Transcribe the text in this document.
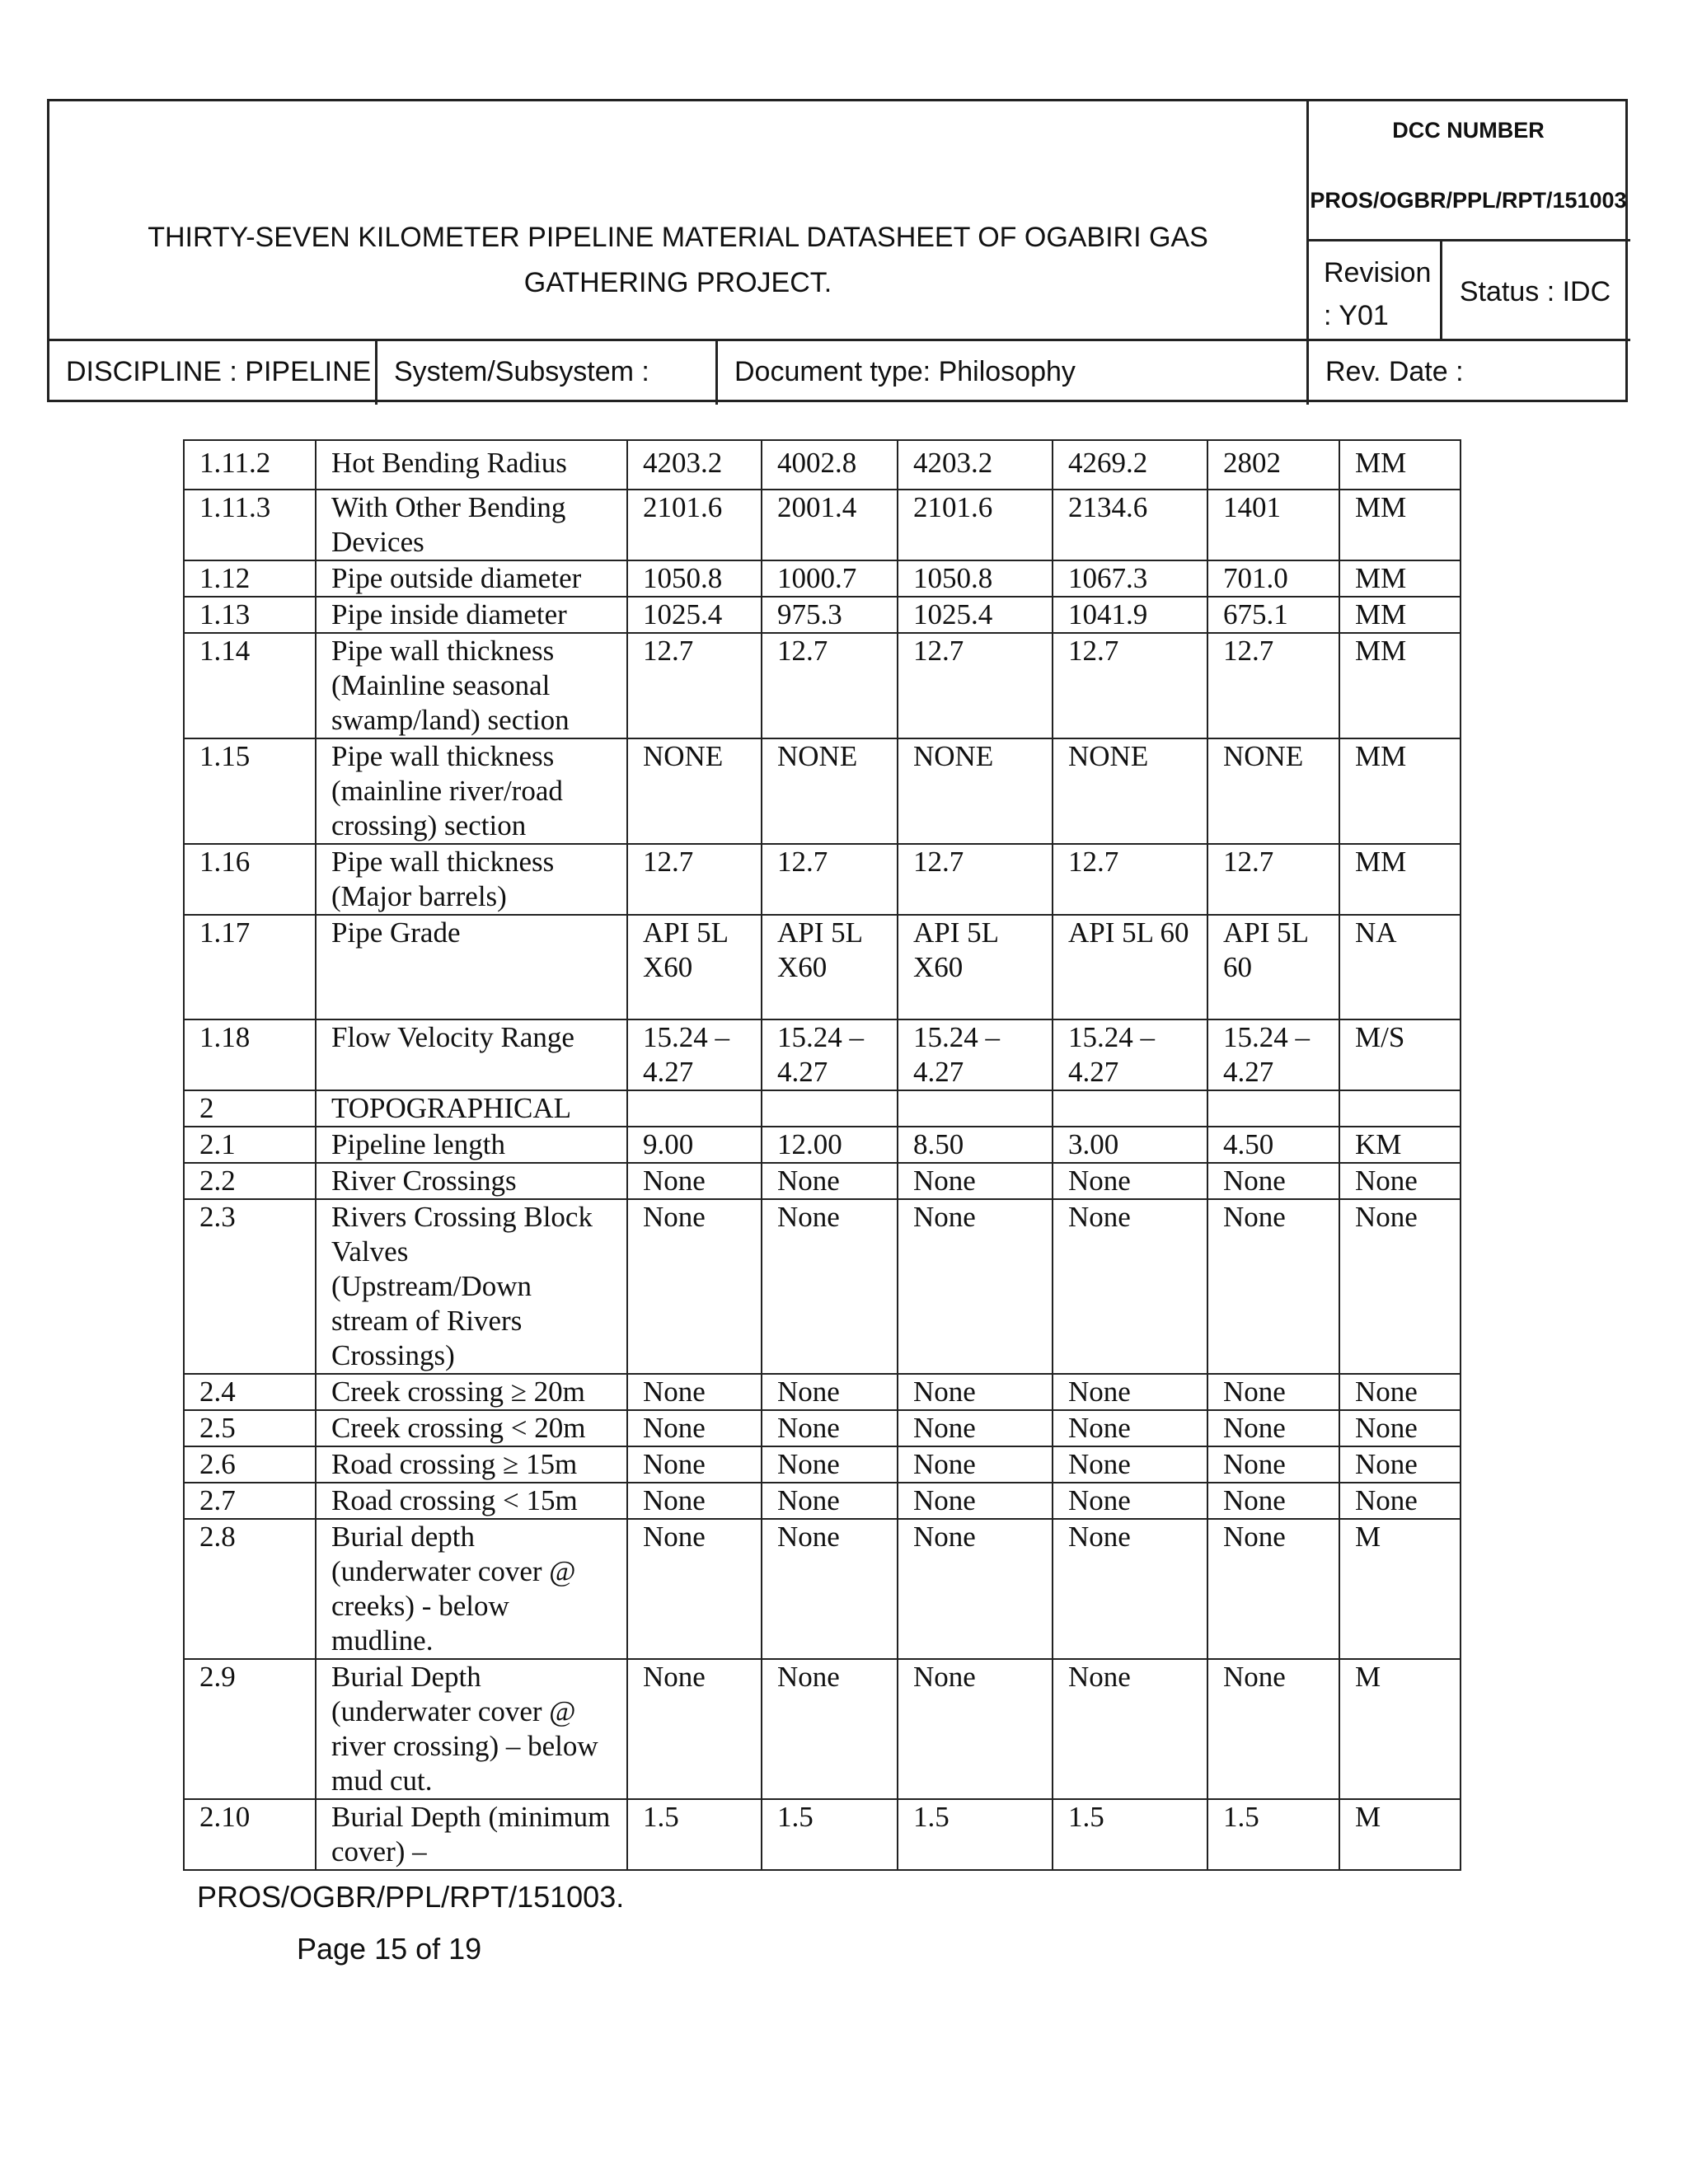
THIRTY-SEVEN KILOMETER PIPELINE MATERIAL DATASHEET OF OGABIRI GAS GATHERING PROJECT.
DCC NUMBER
PROS/OGBR/PPL/RPT/151003
Revision : Y01
Status : IDC
DISCIPLINE : PIPELINE System/Subsystem :	Document type: Philosophy	Rev. Date :
1.11.2	Hot Bending Radius	4203.2	4002.8	4203.2	4269.2	2802	MM
1.11.3	With Other Bending Devices	2101.6	2001.4	2101.6	2134.6	1401	MM
1.12	Pipe outside diameter	1050.8	1000.7	1050.8	1067.3	701.0	MM
1.13	Pipe inside diameter	1025.4	975.3	1025.4	1041.9	675.1	MM
1.14	Pipe wall thickness (Mainline seasonal swamp/land) section	12.7	12.7	12.7	12.7	12.7	MM
1.15	Pipe wall thickness (mainline river/road crossing) section	NONE	NONE	NONE	NONE	NONE	MM
1.16	Pipe wall thickness (Major barrels)	12.7	12.7	12.7	12.7	12.7	MM
1.17	Pipe Grade	API 5L X60	API 5L X60	API 5L X60	API 5L 60	API 5L 60	NA
1.18	Flow Velocity Range	15.24 – 4.27	15.24 – 4.27	15.24 – 4.27	15.24 – 4.27	15.24 – 4.27	M/S
2	TOPOGRAPHICAL						
2.1	Pipeline length	9.00	12.00	8.50	3.00	4.50	KM
2.2	River Crossings	None	None	None	None	None	None
2.3	Rivers Crossing Block Valves (Upstream/Down stream of Rivers Crossings)	None	None	None	None	None	None
2.4	Creek crossing ≥ 20m	None	None	None	None	None	None
2.5	Creek crossing < 20m	None	None	None	None	None	None
2.6	Road crossing ≥ 15m	None	None	None	None	None	None
2.7	Road crossing < 15m	None	None	None	None	None	None
2.8	Burial depth (underwater cover @ creeks) - below mudline.	None	None	None	None	None	M
2.9	Burial Depth (underwater cover @ river crossing) – below mud cut.	None	None	None	None	None	M
2.10	Burial Depth (minimum cover) –	1.5	1.5	1.5	1.5	1.5	M
PROS/OGBR/PPL/RPT/151003.
Page 15 of 19
